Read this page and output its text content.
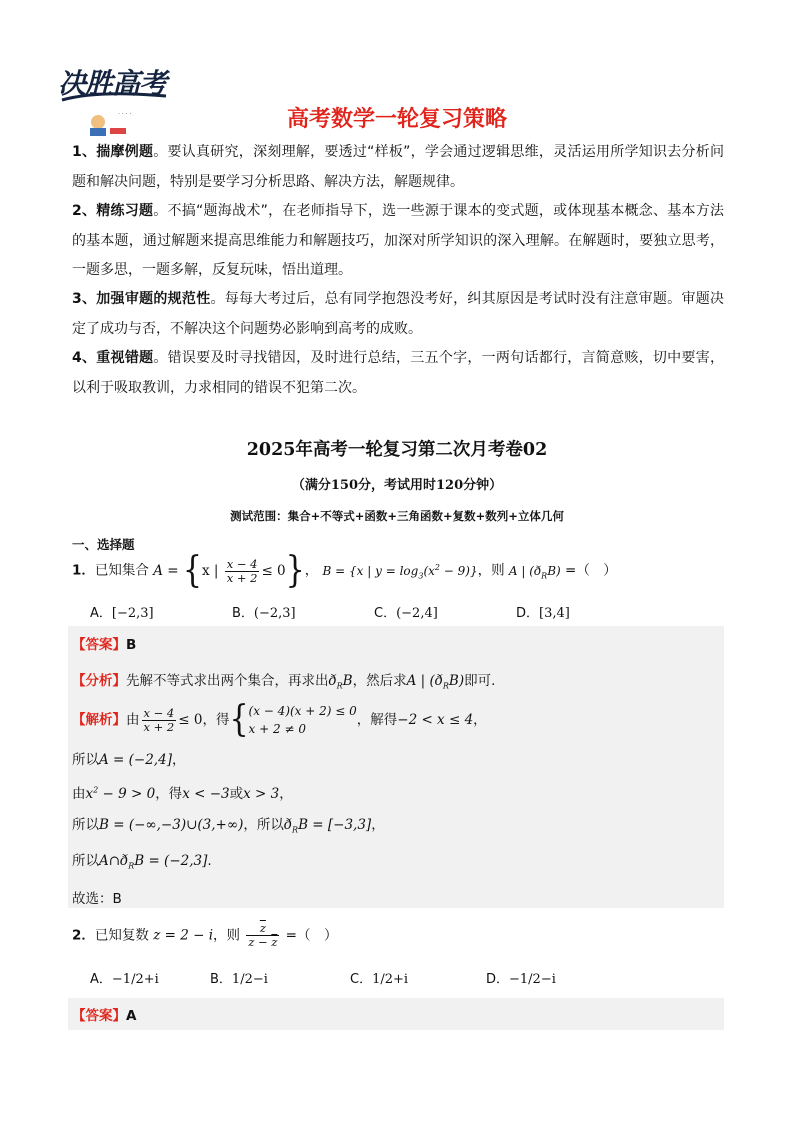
决胜高考
· · · ·	高考数学一轮复习策略
1、揣摩例题。要认真研究，深刻理解，要透过“样板”，学会通过逻辑思维，灵活运用所学知识去分析问题和解决问题，特别是要学习分析思路、解决方法，解题规律。
2、精练习题。不搞“题海战术”，在老师指导下，选一些源于课本的变式题，或体现基本概念、基本方法的基本题，通过解题来提高思维能力和解题技巧，加深对所学知识的深入理解。在解题时，要独立思考，一题多思，一题多解，反复玩味，悟出道理。
3、加强审题的规范性。每每大考过后，总有同学抱怨没考好，纠其原因是考试时没有注意审题。审题决定了成功与否，不解决这个问题势必影响到高考的成败。
4、重视错题。错误要及时寻找错因，及时进行总结，三五个字，一两句话都行，言简意赅，切中要害，以利于吸取教训，力求相同的错误不犯第二次。
2025年高考一轮复习第二次月考卷02
（满分150分，考试用时120分钟）
测试范围：集合+不等式+函数+三角函数+复数+数列+立体几何
一、选择题
1．已知集合 A = {x | $\frac{x - 4}{x + 2} \le 0$}， B = {x | $y = \log_3(x^2 - 9)$}，则 A | $(ð_RB)$ =（　）
A．[−2,3]	B．(−2,3]	C．(−2,4]	D．[3,4]
【答案】B
【分析】先解不等式求出两个集合，再求出$ð_RB$，然后求A | $(ð_RB)$即可.
【解析】由 $\frac{x - 4}{x + 2} \le 0$，得{ (x − 4)(x + 2) ≤ 0
x + 2 ≠ 0
，解得−2 < x ≤ 4，
所以A = (−2,4]，
由$x^2 - 9 > 0$，得x < −3或x > 3，
所以B = (−∞,−3)∪(3,+∞)，所以$ð_RB = [-3,3]$，
所以$A\cap ð_RB = (-2,3]$.
故选：B
2．已知复数 z = 2 − i，则 $\frac{\overline{z}}{z - \overline{z}}$ =（　）
A．−1/2+i	B．1/2−i	C．1/2+i	D．−1/2−i
【答案】A
